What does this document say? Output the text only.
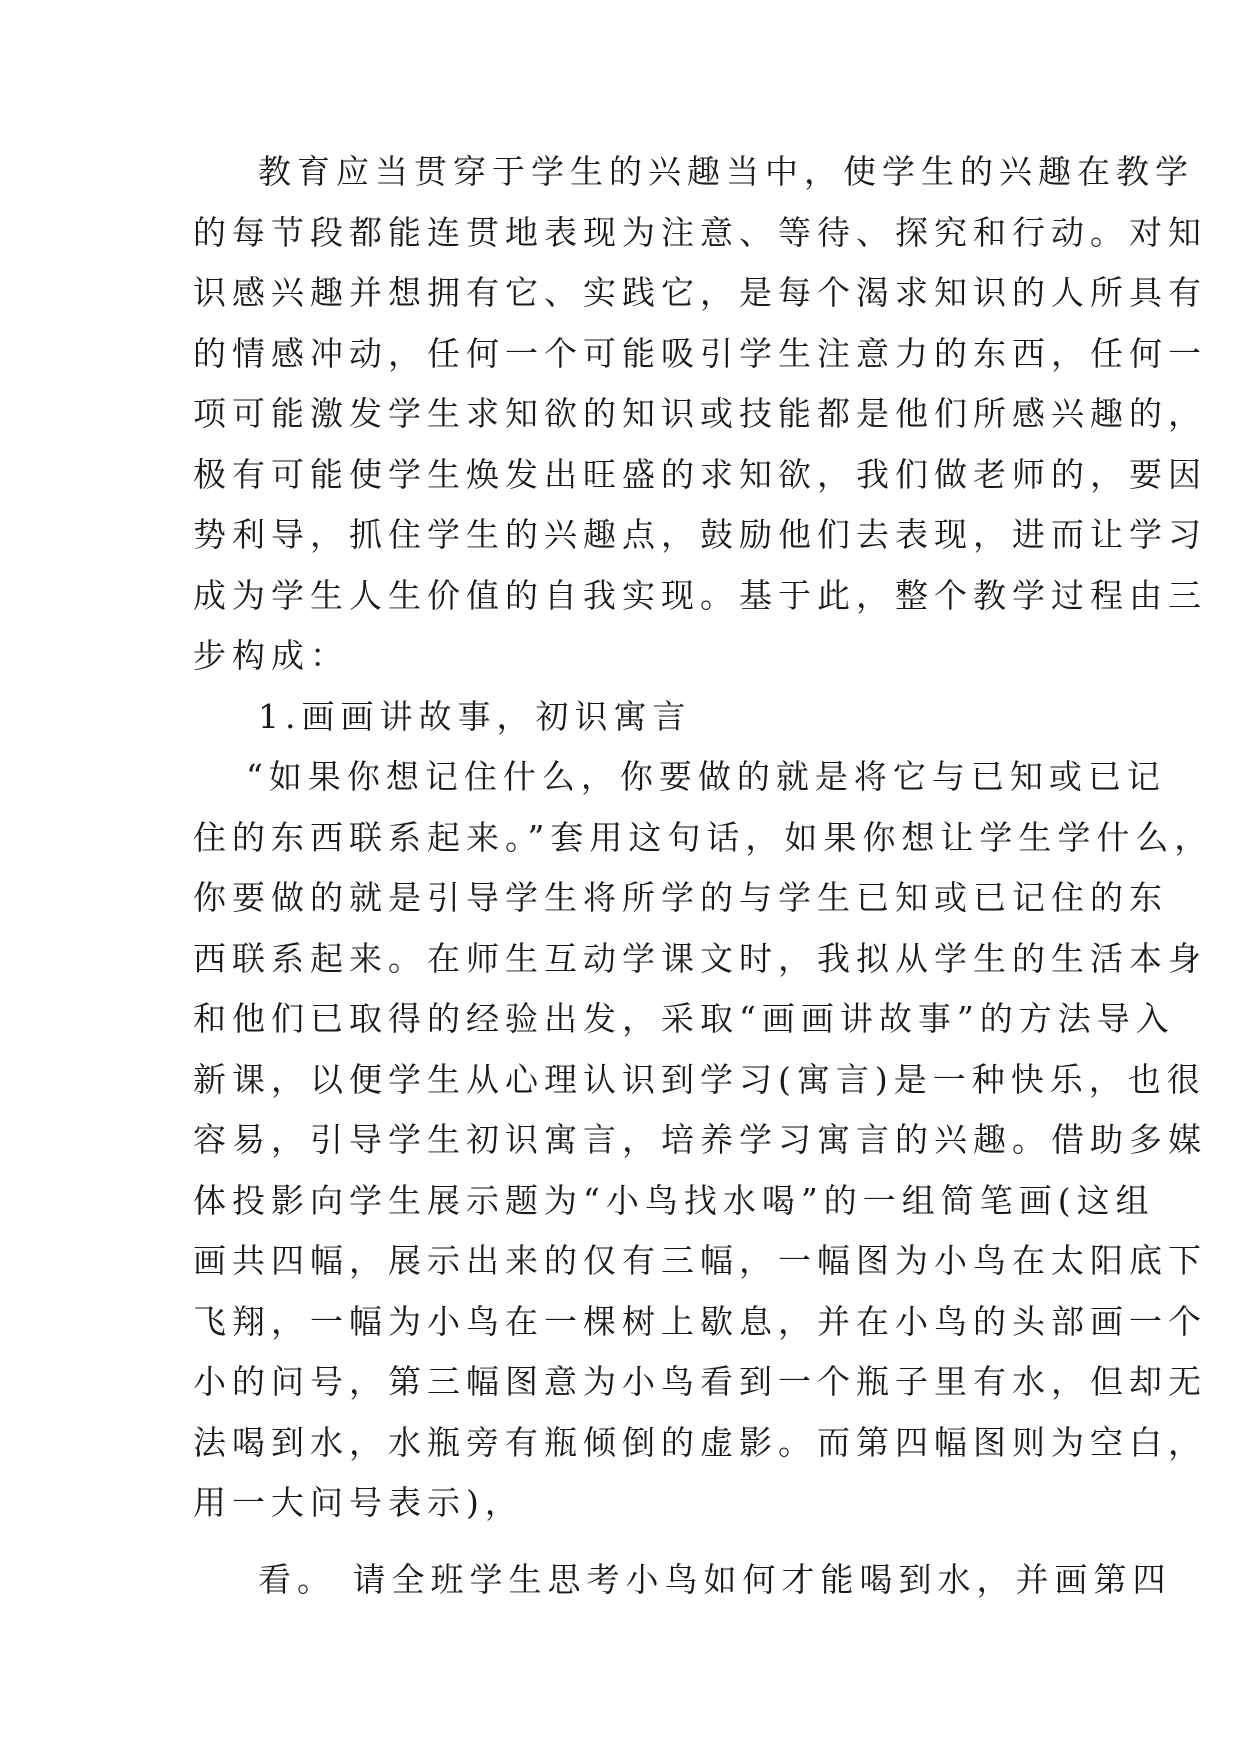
教育应当贯穿于学生的兴趣当中，使学生的兴趣在教学
的每节段都能连贯地表现为注意、等待、探究和行动。对知
识感兴趣并想拥有它、实践它，是每个渴求知识的人所具有
的情感冲动，任何一个可能吸引学生注意力的东西，任何一
项可能激发学生求知欲的知识或技能都是他们所感兴趣的，
极有可能使学生焕发出旺盛的求知欲，我们做老师的，要因
势利导，抓住学生的兴趣点，鼓励他们去表现，进而让学习
成为学生人生价值的自我实现。基于此，整个教学过程由三
步构成：
1.画画讲故事，初识寓言
“如果你想记住什么，你要做的就是将它与已知或已记
住的东西联系起来。”套用这句话，如果你想让学生学什么，
你要做的就是引导学生将所学的与学生已知或已记住的东
西联系起来。在师生互动学课文时，我拟从学生的生活本身
和他们已取得的经验出发，采取“画画讲故事”的方法导入
新课，以便学生从心理认识到学习(寓言)是一种快乐，也很
容易，引导学生初识寓言，培养学习寓言的兴趣。借助多媒
体投影向学生展示题为“小鸟找水喝”的一组简笔画(这组
画共四幅，展示出来的仅有三幅，一幅图为小鸟在太阳底下
飞翔，一幅为小鸟在一棵树上歇息，并在小鸟的头部画一个
小的问号，第三幅图意为小鸟看到一个瓶子里有水，但却无
法喝到水，水瓶旁有瓶倾倒的虚影。而第四幅图则为空白，
用一大问号表示)，
看。 请全班学生思考小鸟如何才能喝到水，并画第四
